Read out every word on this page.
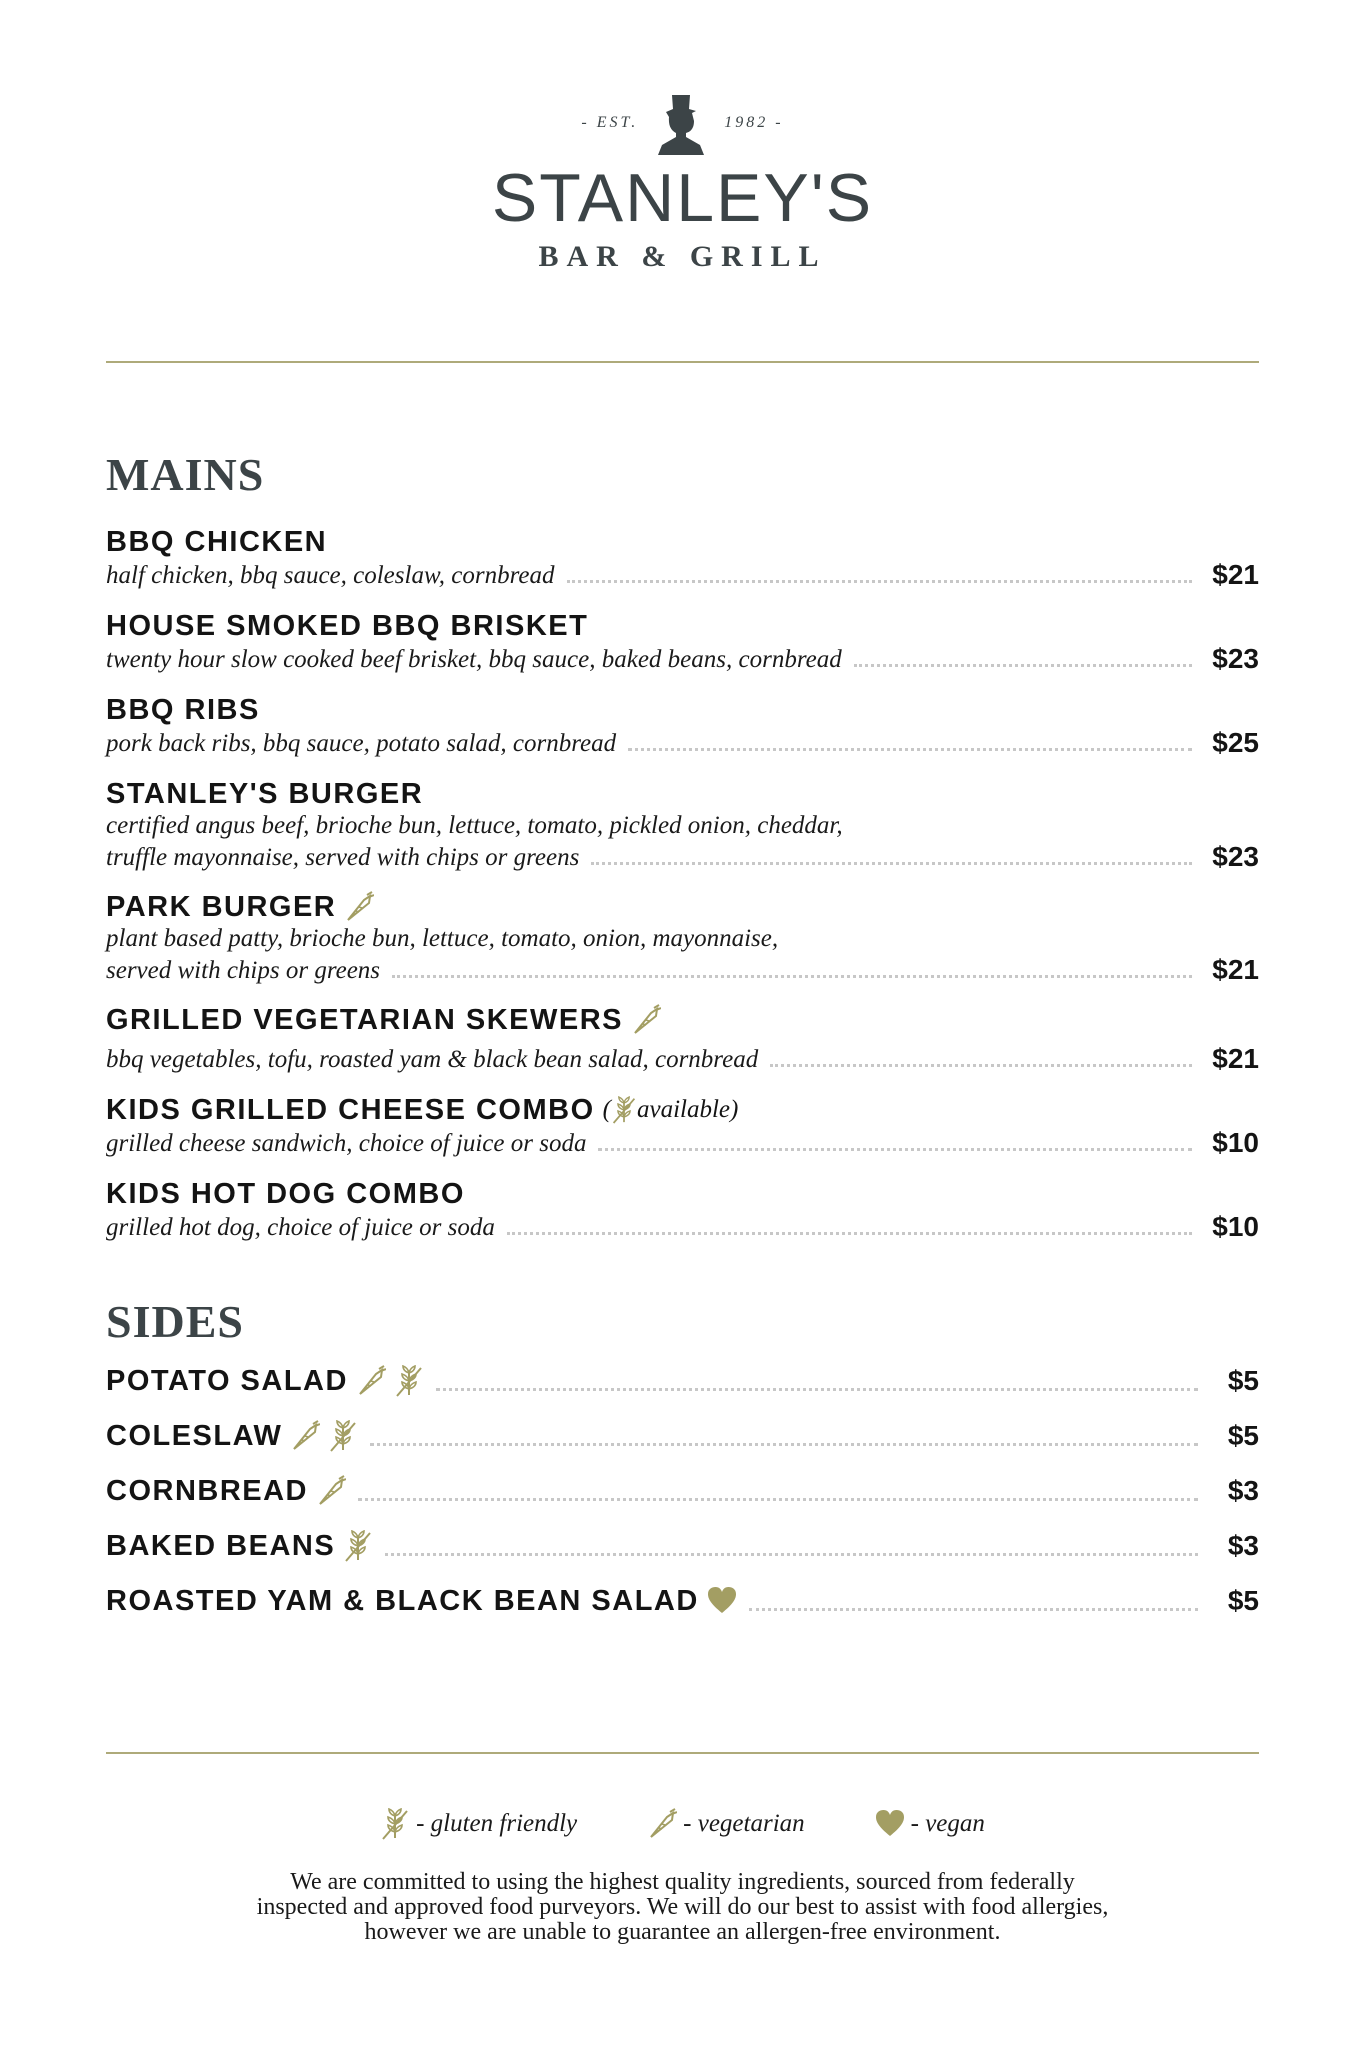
- EST.	1982 -
STANLEY'S
BAR & GRILL
MAINS
BBQ CHICKEN
half chicken, bbq sauce, coleslaw, cornbread	$21
HOUSE SMOKED BBQ BRISKET
twenty hour slow cooked beef brisket, bbq sauce, baked beans, cornbread	$23
BBQ RIBS
pork back ribs, bbq sauce, potato salad, cornbread	$25
STANLEY'S BURGER
certified angus beef, brioche bun, lettuce, tomato, pickled onion, cheddar,
truffle mayonnaise, served with chips or greens	$23
PARK BURGER
plant based patty, brioche bun, lettuce, tomato, onion, mayonnaise,
served with chips or greens	$21
GRILLED VEGETARIAN SKEWERS
bbq vegetables, tofu, roasted yam & black bean salad, cornbread	$21
KIDS GRILLED CHEESE COMBO ( available)
grilled cheese sandwich, choice of juice or soda	$10
KIDS HOT DOG COMBO
grilled hot dog, choice of juice or soda	$10
SIDES
POTATO SALAD	$5
COLESLAW	$5
CORNBREAD	$3
BAKED BEANS	$3
ROASTED YAM & BLACK BEAN SALAD	$5
- gluten friendly	- vegetarian	- vegan
We are committed to using the highest quality ingredients, sourced from federally
inspected and approved food purveyors. We will do our best to assist with food allergies,
however we are unable to guarantee an allergen-free environment.
